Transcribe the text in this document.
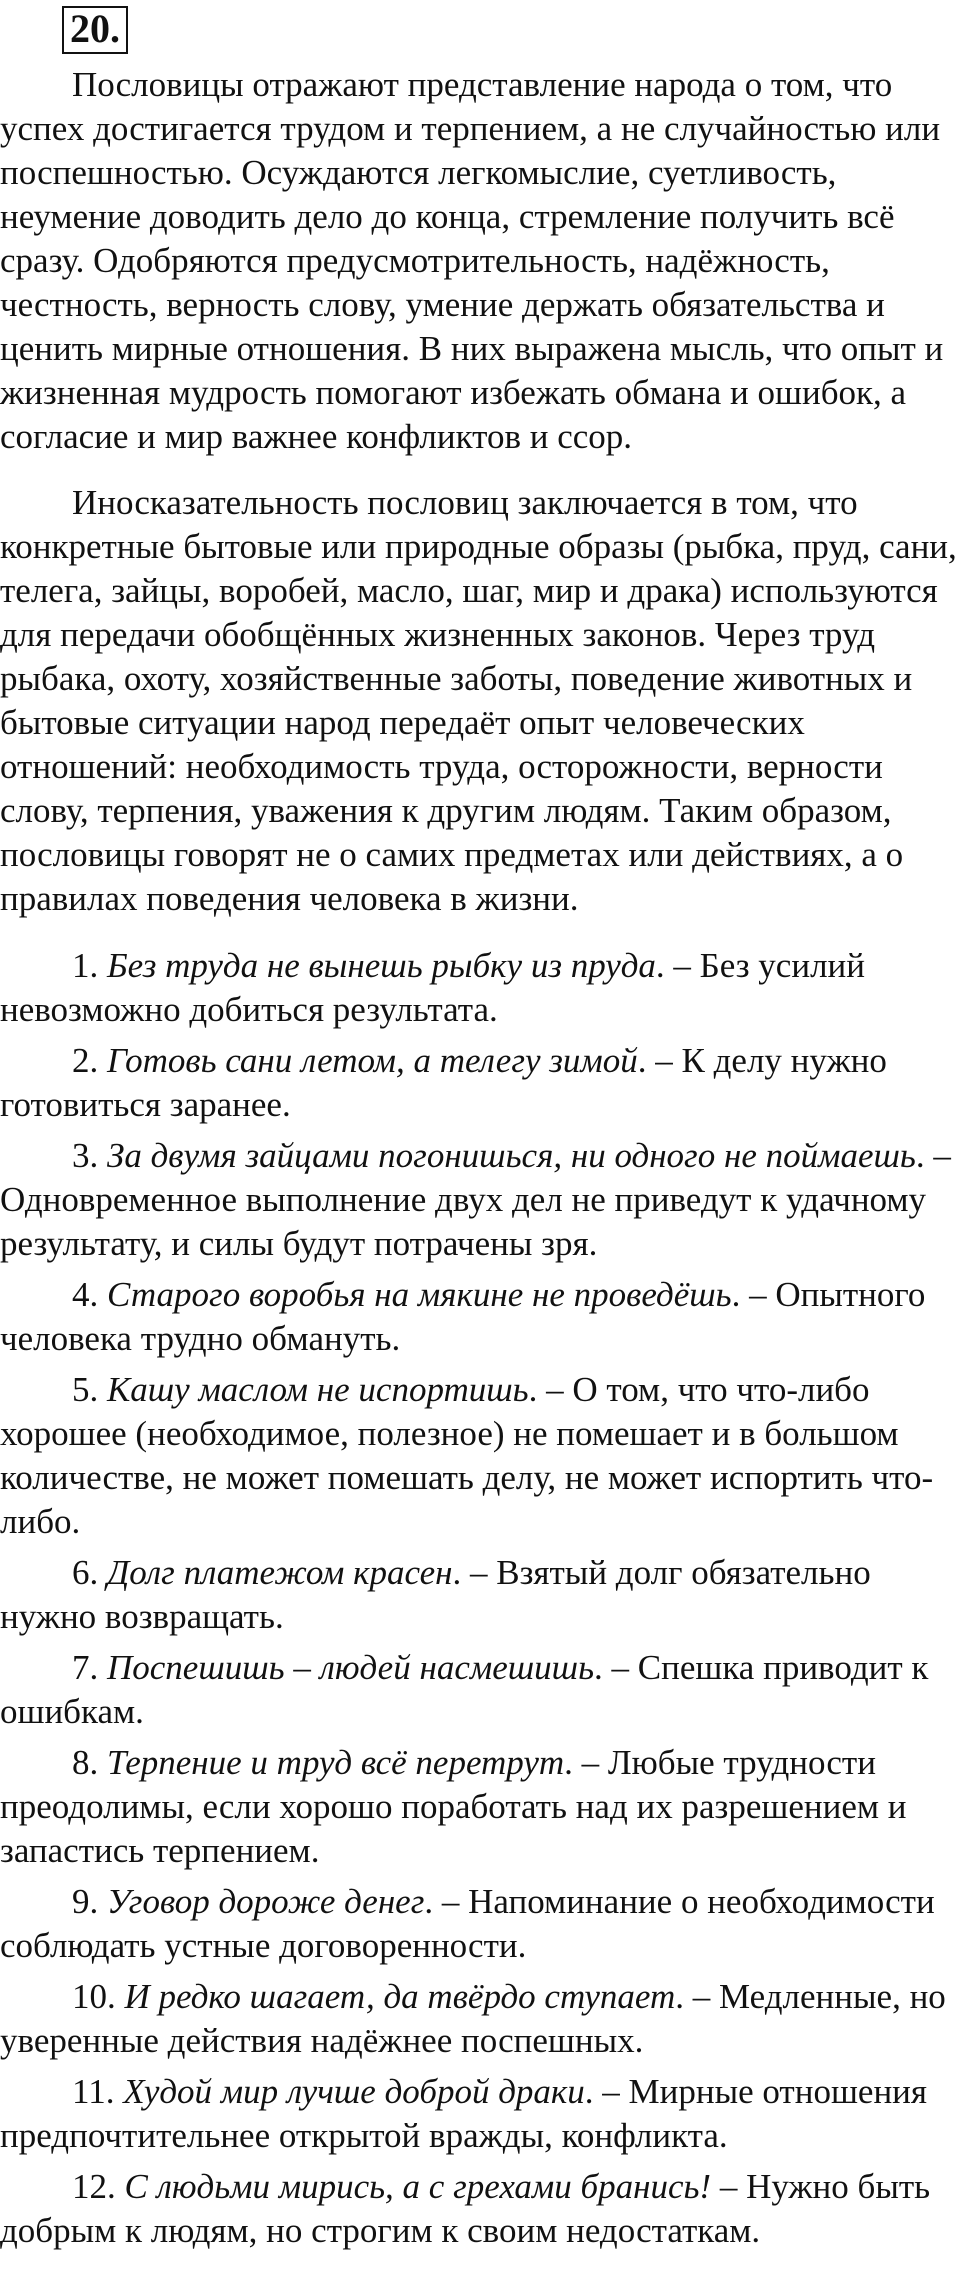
20.

Пословицы отражают представление народа о том, что успех достигается трудом и терпением, а не случайностью или поспешностью. Осуждаются легкомыслие, суетливость, неумение доводить дело до конца, стремление получить всё сразу. Одобряются предусмотрительность, надёжность, честность, верность слову, умение держать обязательства и ценить мирные отношения. В них выражена мысль, что опыт и жизненная мудрость помогают избежать обмана и ошибок, а согласие и мир важнее конфликтов и ссор.

Иносказательность пословиц заключается в том, что конкретные бытовые или природные образы (рыбка, пруд, сани, телега, зайцы, воробей, масло, шаг, мир и драка) используются для передачи обобщённых жизненных законов. Через труд рыбака, охоту, хозяйственные заботы, поведение животных и бытовые ситуации народ передаёт опыт человеческих отношений: необходимость труда, осторожности, верности слову, терпения, уважения к другим людям. Таким образом, пословицы говорят не о самих предметах или действиях, а о правилах поведения человека в жизни.

1. Без труда не вынешь рыбку из пруда. – Без усилий невозможно добиться результата.
2. Готовь сани летом, а телегу зимой. – К делу нужно готовиться заранее.
3. За двумя зайцами погонишься, ни одного не поймаешь. – Одновременное выполнение двух дел не приведут к удачному результату, и силы будут потрачены зря.
4. Старого воробья на мякине не проведёшь. – Опытного человека трудно обмануть.
5. Кашу маслом не испортишь. – О том, что что-либо хорошее (необходимое, полезное) не помешает и в большом количестве, не может помешать делу, не может испортить что-либо.
6. Долг платежом красен. – Взятый долг обязательно нужно возвращать.
7. Поспешишь – людей насмешишь. – Спешка приводит к ошибкам.
8. Терпение и труд всё перетрут. – Любые трудности преодолимы, если хорошо поработать над их разрешением и запастись терпением.
9. Уговор дороже денег. – Напоминание о необходимости соблюдать устные договоренности.
10. И редко шагает, да твёрдо ступает. – Медленные, но уверенные действия надёжнее поспешных.
11. Худой мир лучше доброй драки. – Мирные отношения предпочтительнее открытой вражды, конфликта.
12. С людьми мирись, а с грехами бранись! – Нужно быть добрым к людям, но строгим к своим недостаткам.
